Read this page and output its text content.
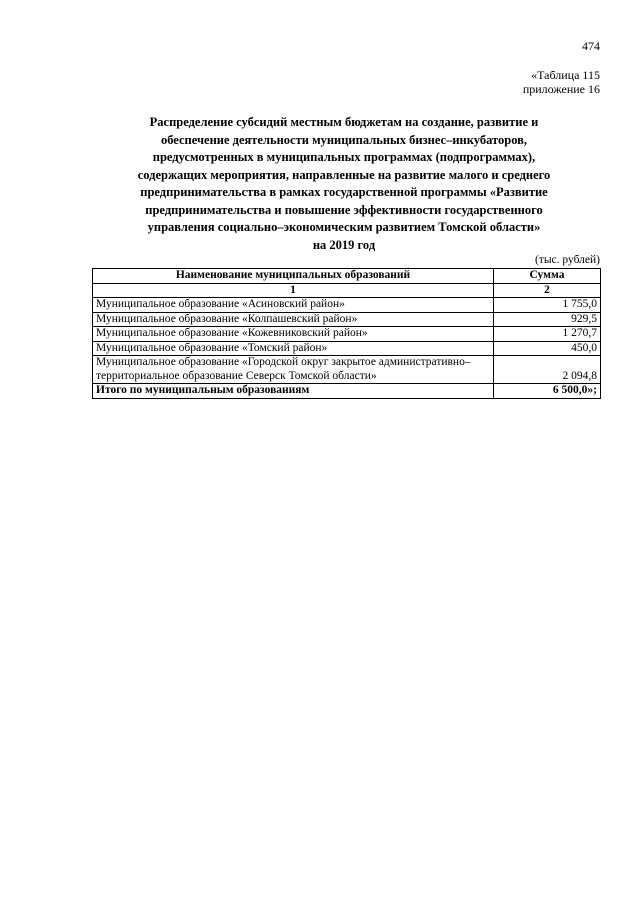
474
«Таблица 115
приложение 16
Распределение субсидий местным бюджетам на создание, развитие и
обеспечение деятельности муниципальных бизнес–инкубаторов,
предусмотренных в муниципальных программах (подпрограммах),
содержащих мероприятия, направленные на развитие малого и среднего
предпринимательства в рамках государственной программы «Развитие
предпринимательства и повышение эффективности государственного
управления социально–экономическим развитием Томской области»
на 2019 год
(тыс. рублей)
Наименование муниципальных образований	Сумма
1	2
Муниципальное образование «Асиновский район»	1 755,0
Муниципальное образование «Колпашевский район»	929,5
Муниципальное образование «Кожевниковский район»	1 270,7
Муниципальное образование «Томский район»	450,0
Муниципальное образование «Городской округ закрытое административно–территориальное образование Северск Томской области»	2 094,8
Итого по муниципальным образованиям	6 500,0»;
